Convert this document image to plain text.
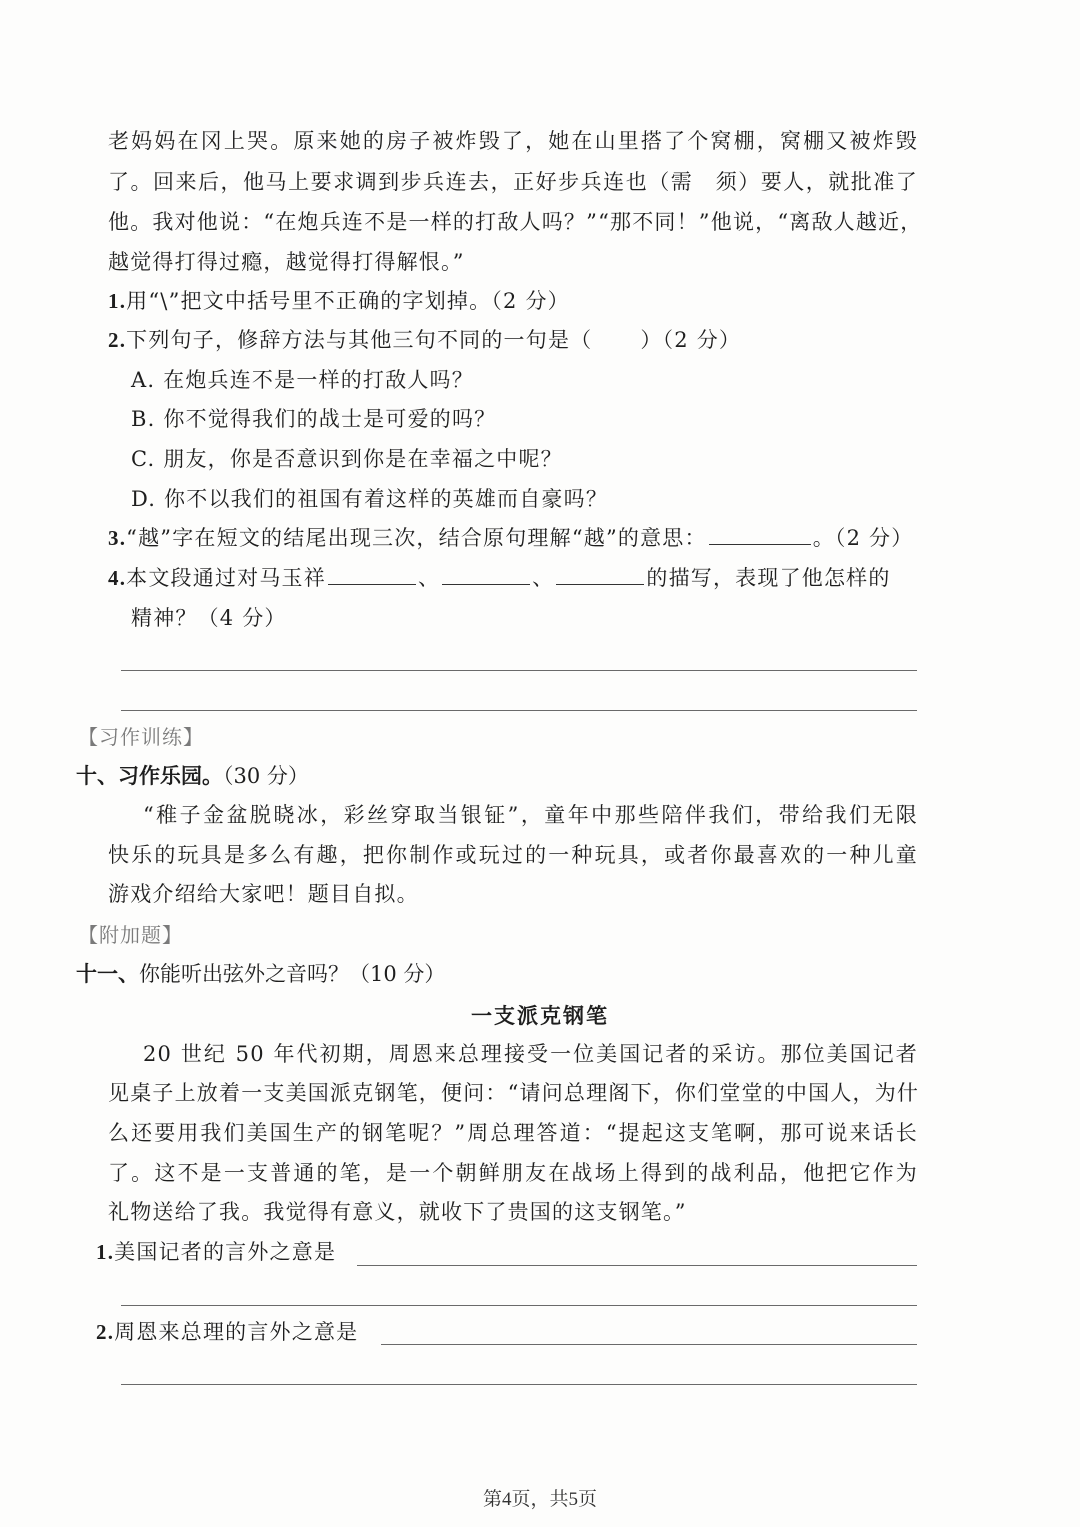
老妈妈在冈上哭。原来她的房子被炸毁了，她在山里搭了个窝棚，窝棚又被炸毁
了。回来后，他马上要求调到步兵连去，正好步兵连也（需　须）要人，就批准了
他。我对他说：“在炮兵连不是一样的打敌人吗？”“那不同！”他说，“离敌人越近，
越觉得打得过瘾，越觉得打得解恨。”
1.用“\”把文中括号里不正确的字划掉。（2 分）
2.下列句子，修辞方法与其他三句不同的一句是（ ）（2 分）
A. 在炮兵连不是一样的打敌人吗？
B. 你不觉得我们的战士是可爱的吗？
C. 朋友，你是否意识到你是在幸福之中呢？
D. 你不以我们的祖国有着这样的英雄而自豪吗？
3.“越”字在短文的结尾出现三次，结合原句理解“越”的意思：	。（2 分）
4.本文段通过对马玉祥	、	、	的描写，表现了他怎样的
精神？（4 分）
【习作训练】
十、习作乐园。（30 分）
“稚子金盆脱晓冰，彩丝穿取当银钲”，童年中那些陪伴我们，带给我们无限
快乐的玩具是多么有趣，把你制作或玩过的一种玩具，或者你最喜欢的一种儿童
游戏介绍给大家吧！题目自拟。
【附加题】
十一、你能听出弦外之音吗？（10 分）
一支派克钢笔
20 世纪 50 年代初期，周恩来总理接受一位美国记者的采访。那位美国记者
见桌子上放着一支美国派克钢笔，便问：“请问总理阁下，你们堂堂的中国人，为什
么还要用我们美国生产的钢笔呢？”周总理答道：“提起这支笔啊，那可说来话长
了。这不是一支普通的笔，是一个朝鲜朋友在战场上得到的战利品，他把它作为
礼物送给了我。我觉得有意义，就收下了贵国的这支钢笔。”
1.美国记者的言外之意是
2.周恩来总理的言外之意是
第4页，共5页
